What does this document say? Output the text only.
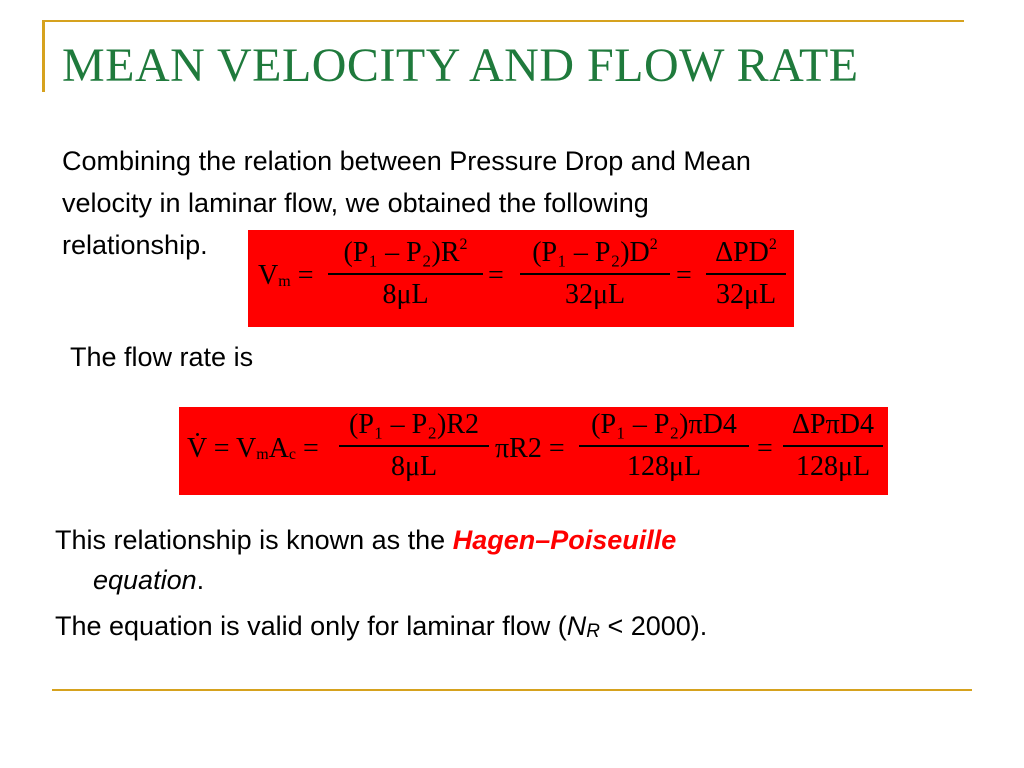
MEAN VELOCITY AND FLOW RATE
Combining the relation between Pressure Drop and Mean
velocity in laminar flow, we obtained the following
relationship.
Vm =
$(P_1 - P_2)R^2$
8μL
=
$(P_1 - P_2)D^2$
32μL
=
$\Delta PD^2$
32μL
The flow rate is
V̇ = VmAc =
(P₁ – P₂)R2
8μL
πR2 =
(P₁ – P₂)πD4
128μL
=
ΔPπD4
128μL
This relationship is known as the Hagen–Poiseuille
equation.
The equation is valid only for laminar flow (NR < 2000).
